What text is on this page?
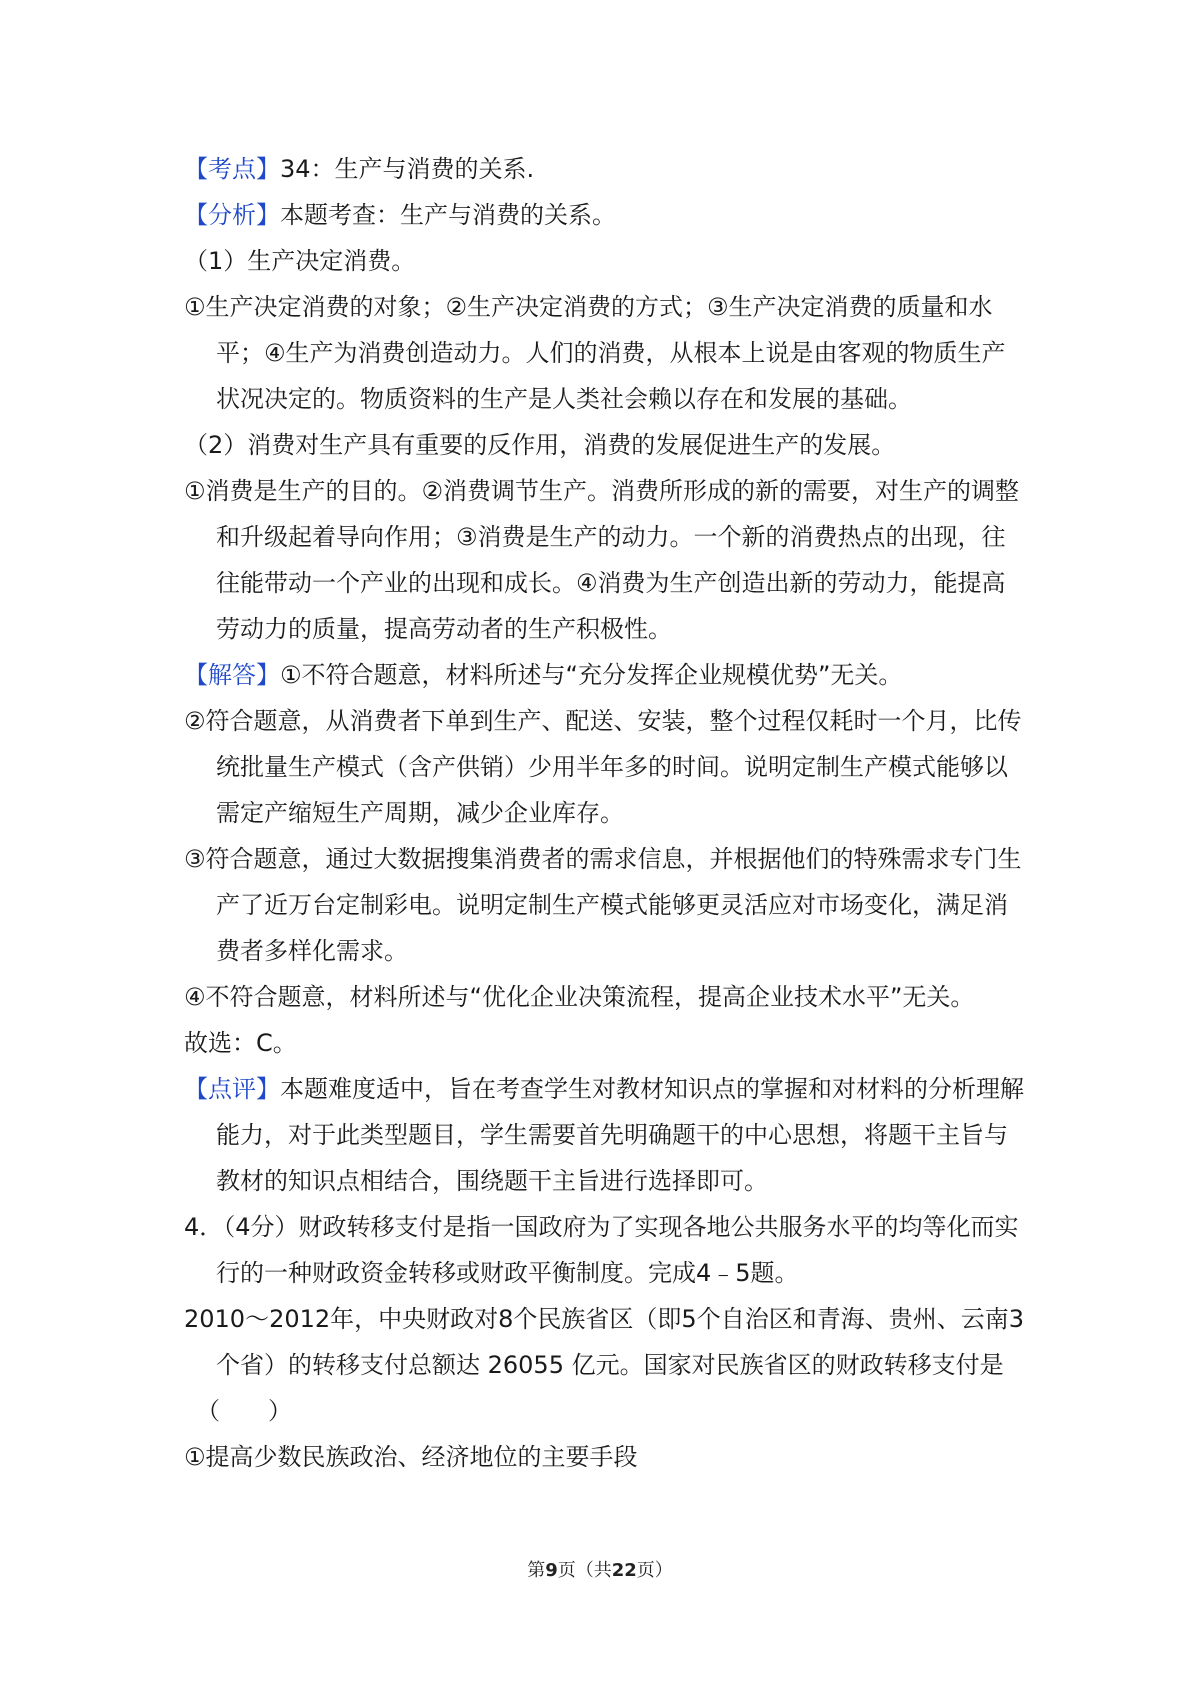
【考点】34：生产与消费的关系.

【分析】本题考查：生产与消费的关系。

（1）生产决定消费。

①生产决定消费的对象；②生产决定消费的方式；③生产决定消费的质量和水平；④生产为消费创造动力。人们的消费，从根本上说是由客观的物质生产状况决定的。物质资料的生产是人类社会赖以存在和发展的基础。

（2）消费对生产具有重要的反作用，消费的发展促进生产的发展。

①消费是生产的目的。②消费调节生产。消费所形成的新的需要，对生产的调整和升级起着导向作用；③消费是生产的动力。一个新的消费热点的出现，往往能带动一个产业的出现和成长。④消费为生产创造出新的劳动力，能提高劳动力的质量，提高劳动者的生产积极性。

【解答】①不符合题意，材料所述与“充分发挥企业规模优势”无关。

②符合题意，从消费者下单到生产、配送、安装，整个过程仅耗时一个月，比传统批量生产模式（含产供销）少用半年多的时间。说明定制生产模式能够以需定产缩短生产周期，减少企业库存。

③符合题意，通过大数据搜集消费者的需求信息，并根据他们的特殊需求专门生产了近万台定制彩电。说明定制生产模式能够更灵活应对市场变化，满足消费者多样化需求。

④不符合题意，材料所述与“优化企业决策流程，提高企业技术水平”无关。

故选：C。

【点评】本题难度适中，旨在考查学生对教材知识点的掌握和对材料的分析理解能力，对于此类型题目，学生需要首先明确题干的中心思想，将题干主旨与教材的知识点相结合，围绕题干主旨进行选择即可。

4．（4分）财政转移支付是指一国政府为了实现各地公共服务水平的均等化而实行的一种财政资金转移或财政平衡制度。完成4﹣5题。

2010～2012年，中央财政对8个民族省区（即5个自治区和青海、贵州、云南3个省）的转移支付总额达 26055 亿元。国家对民族省区的财政转移支付是
（　　）

①提高少数民族政治、经济地位的主要手段

第9页（共22页）
